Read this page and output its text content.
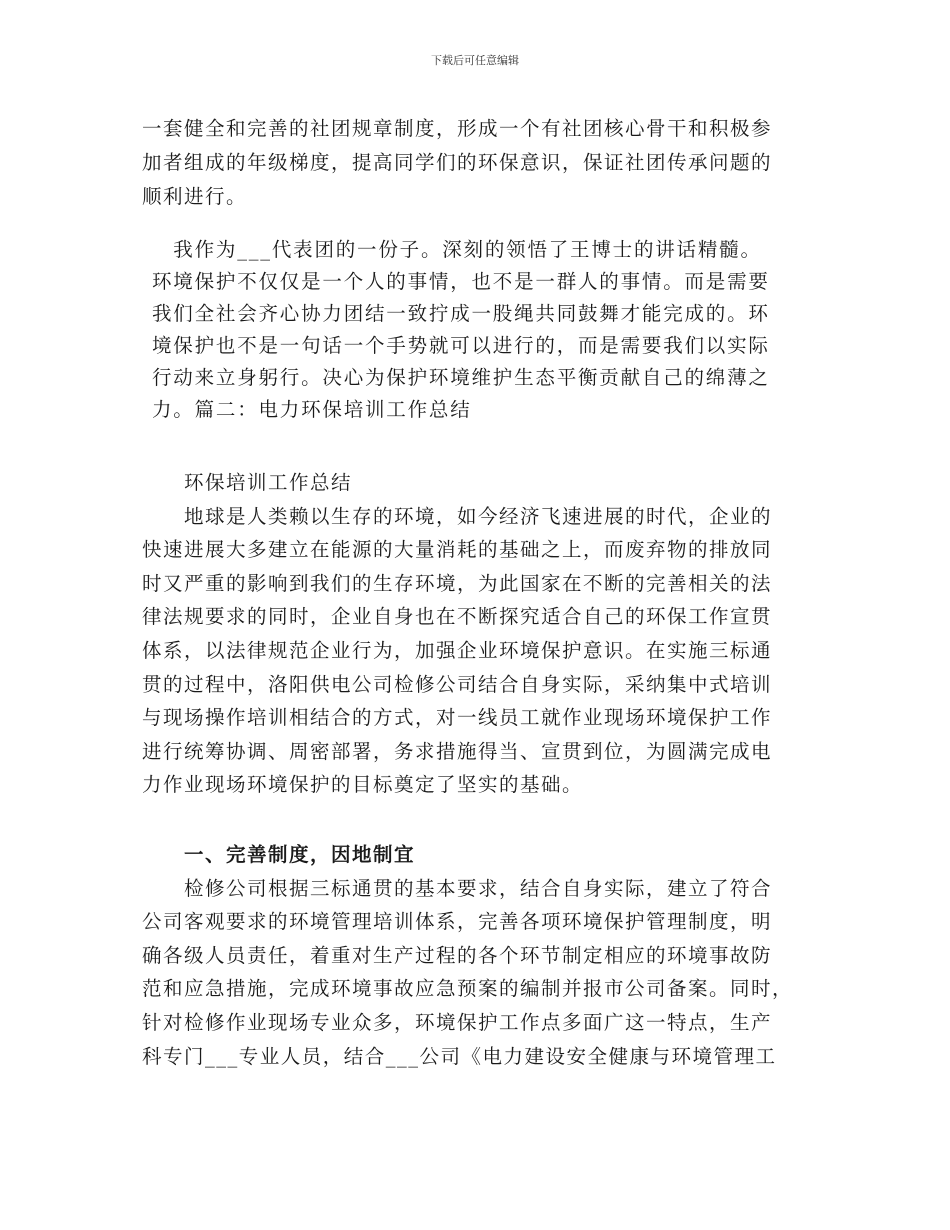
下载后可任意编辑
一套健全和完善的社团规章制度，形成一个有社团核心骨干和积极参
加者组成的年级梯度，提高同学们的环保意识，保证社团传承问题的
顺利进行。
　我作为___代表团的一份子。深刻的领悟了王博士的讲话精髓。
环境保护不仅仅是一个人的事情，也不是一群人的事情。而是需要
我们全社会齐心协力团结一致拧成一股绳共同鼓舞才能完成的。环
境保护也不是一句话一个手势就可以进行的，而是需要我们以实际
行动来立身躬行。决心为保护环境维护生态平衡贡献自己的绵薄之
力。篇二：电力环保培训工作总结
　　环保培训工作总结
　　地球是人类赖以生存的环境，如今经济飞速进展的时代，企业的
快速进展大多建立在能源的大量消耗的基础之上，而废弃物的排放同
时又严重的影响到我们的生存环境，为此国家在不断的完善相关的法
律法规要求的同时，企业自身也在不断探究适合自己的环保工作宣贯
体系，以法律规范企业行为，加强企业环境保护意识。在实施三标通
贯的过程中，洛阳供电公司检修公司结合自身实际，采纳集中式培训
与现场操作培训相结合的方式，对一线员工就作业现场环境保护工作
进行统筹协调、周密部署，务求措施得当、宣贯到位，为圆满完成电
力作业现场环境保护的目标奠定了坚实的基础。
　　一、完善制度，因地制宜
　　检修公司根据三标通贯的基本要求，结合自身实际，建立了符合
公司客观要求的环境管理培训体系，完善各项环境保护管理制度，明
确各级人员责任，着重对生产过程的各个环节制定相应的环境事故防
范和应急措施，完成环境事故应急预案的编制并报市公司备案。同时，
针对检修作业现场专业众多，环境保护工作点多面广这一特点，生产
科专门___专业人员，结合___公司《电力建设安全健康与环境管理工
